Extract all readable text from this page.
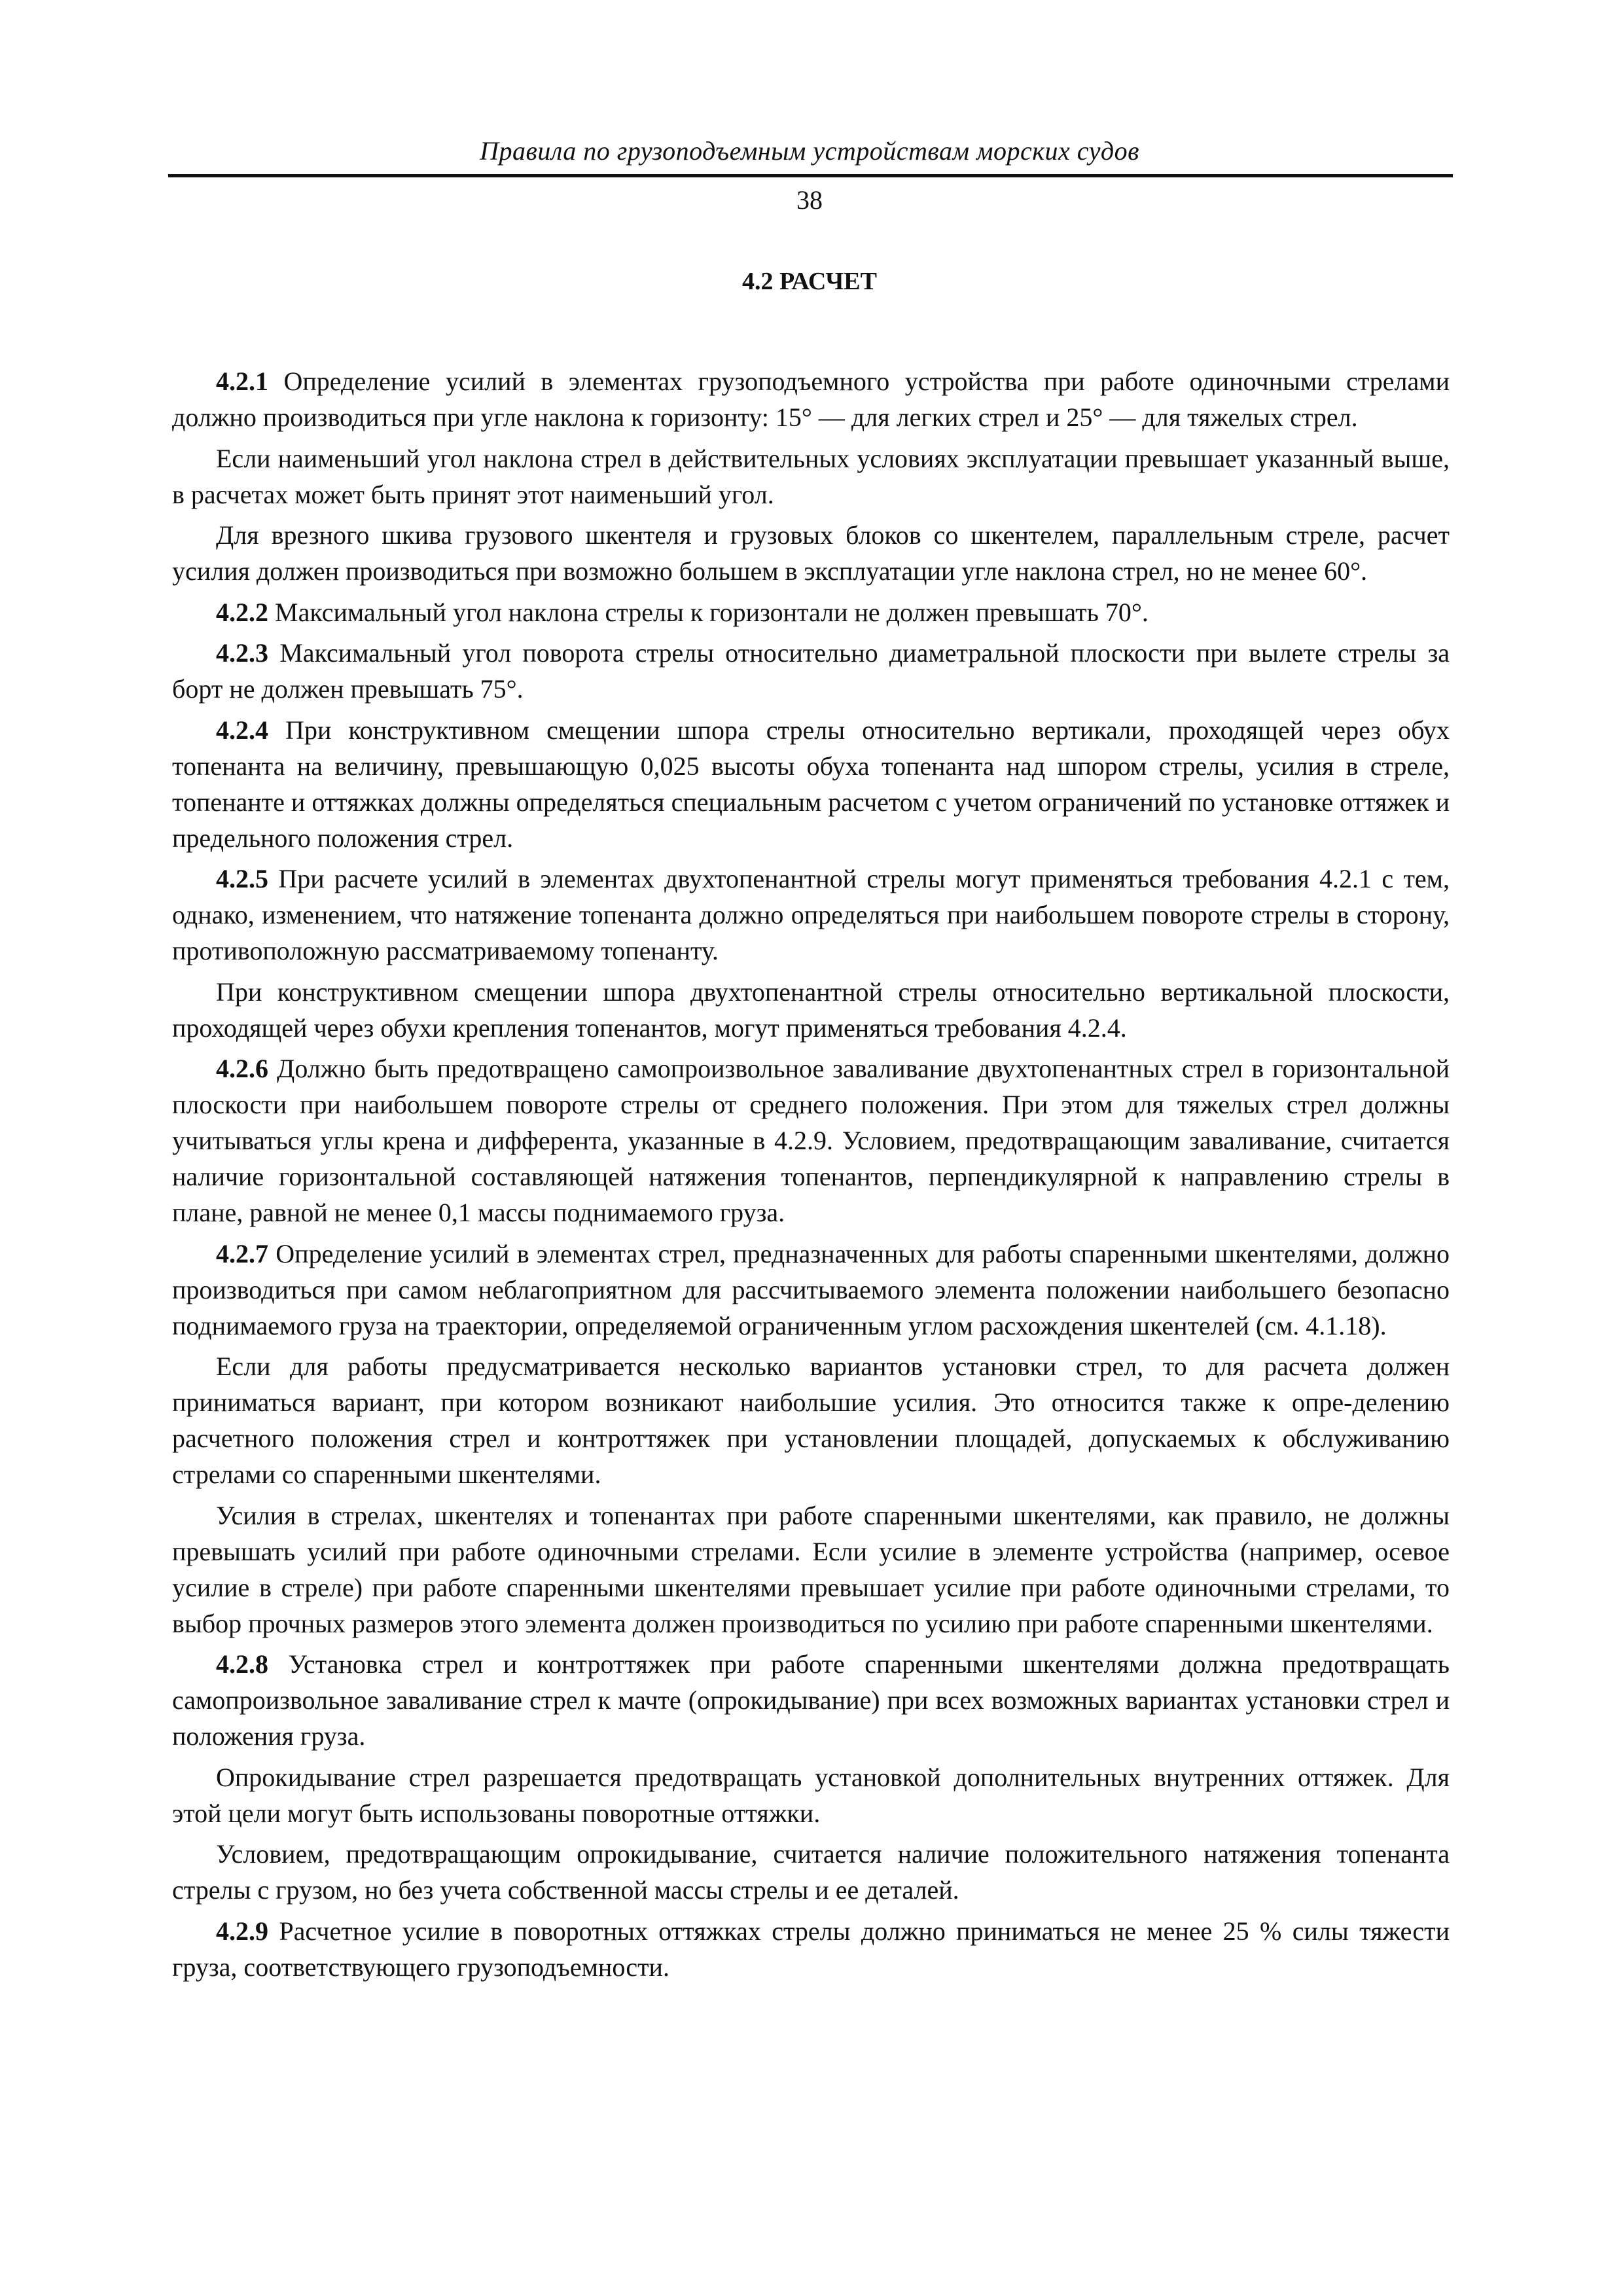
Правила по грузоподъемным устройствам морских судов
38
4.2 РАСЧЕТ

4.2.1 Определение усилий в элементах грузоподъемного устройства при работе одиночными стрелами должно производиться при угле наклона к горизонту: 15° — для легких стрел и 25° — для тяжелых стрел.

Если наименьший угол наклона стрел в действительных условиях эксплуатации превышает указанный выше, в расчетах может быть принят этот наименьший угол.

Для врезного шкива грузового шкентеля и грузовых блоков со шкентелем, параллельным стреле, расчет усилия должен производиться при возможно большем в эксплуатации угле наклона стрел, но не менее 60°.

4.2.2 Максимальный угол наклона стрелы к горизонтали не должен превышать 70°.

4.2.3 Максимальный угол поворота стрелы относительно диаметральной плоскости при вылете стрелы за борт не должен превышать 75°.

4.2.4 При конструктивном смещении шпора стрелы относительно вертикали, проходящей через обух топенанта на величину, превышающую 0,025 высоты обуха топенанта над шпором стрелы, усилия в стреле, топенанте и оттяжках должны определяться специальным расчетом с учетом ограничений по установке оттяжек и предельного положения стрел.

4.2.5 При расчете усилий в элементах двухтопенантной стрелы могут применяться требования 4.2.1 с тем, однако, изменением, что натяжение топенанта должно определяться при наибольшем повороте стрелы в сторону, противоположную рассматриваемому топенанту.

При конструктивном смещении шпора двухтопенантной стрелы относительно вертикальной плоскости, проходящей через обухи крепления топенантов, могут применяться требования 4.2.4.

4.2.6 Должно быть предотвращено самопроизвольное заваливание двухтопенантных стрел в горизонтальной плоскости при наибольшем повороте стрелы от среднего положения. При этом для тяжелых стрел должны учитываться углы крена и дифферента, указанные в 4.2.9. Условием, предотвращающим заваливание, считается наличие горизонтальной составляющей натяжения топенантов, перпендикулярной к направлению стрелы в плане, равной не менее 0,1 массы поднимаемого груза.

4.2.7 Определение усилий в элементах стрел, предназначенных для работы спаренными шкентелями, должно производиться при самом неблагоприятном для рассчитываемого элемента положении наибольшего безопасно поднимаемого груза на траектории, определяемой ограниченным углом расхождения шкентелей (см. 4.1.18).

Если для работы предусматривается несколько вариантов установки стрел, то для расчета должен приниматься вариант, при котором возникают наибольшие усилия. Это относится также к опре-делению расчетного положения стрел и контроттяжек при установлении площадей, допускаемых к обслуживанию стрелами со спаренными шкентелями.

Усилия в стрелах, шкентелях и топенантах при работе спаренными шкентелями, как правило, не должны превышать усилий при работе одиночными стрелами. Если усилие в элементе устройства (например, осевое усилие в стреле) при работе спаренными шкентелями превышает усилие при работе одиночными стрелами, то выбор прочных размеров этого элемента должен производиться по усилию при работе спаренными шкентелями.

4.2.8 Установка стрел и контроттяжек при работе спаренными шкентелями должна предотвращать самопроизвольное заваливание стрел к мачте (опрокидывание) при всех возможных вариантах установки стрел и положения груза.

Опрокидывание стрел разрешается предотвращать установкой дополнительных внутренних оттяжек. Для этой цели могут быть использованы поворотные оттяжки.

Условием, предотвращающим опрокидывание, считается наличие положительного натяжения топенанта стрелы с грузом, но без учета собственной массы стрелы и ее деталей.

4.2.9 Расчетное усилие в поворотных оттяжках стрелы должно приниматься не менее 25 % силы тяжести груза, соответствующего грузоподъемности.
